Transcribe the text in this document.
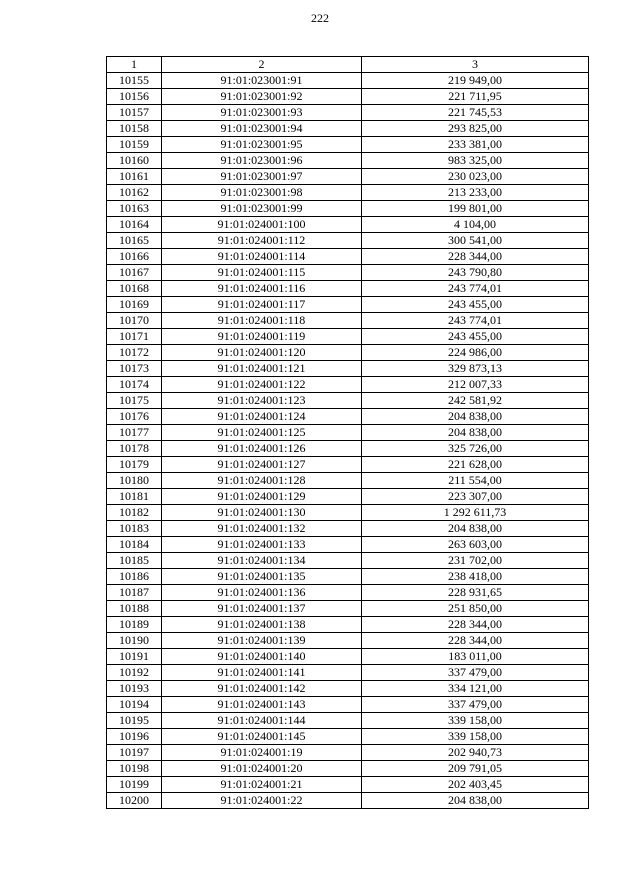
222
1	2	3
10155	91:01:023001:91	219 949,00
10156	91:01:023001:92	221 711,95
10157	91:01:023001:93	221 745,53
10158	91:01:023001:94	293 825,00
10159	91:01:023001:95	233 381,00
10160	91:01:023001:96	983 325,00
10161	91:01:023001:97	230 023,00
10162	91:01:023001:98	213 233,00
10163	91:01:023001:99	199 801,00
10164	91:01:024001:100	4 104,00
10165	91:01:024001:112	300 541,00
10166	91:01:024001:114	228 344,00
10167	91:01:024001:115	243 790,80
10168	91:01:024001:116	243 774,01
10169	91:01:024001:117	243 455,00
10170	91:01:024001:118	243 774,01
10171	91:01:024001:119	243 455,00
10172	91:01:024001:120	224 986,00
10173	91:01:024001:121	329 873,13
10174	91:01:024001:122	212 007,33
10175	91:01:024001:123	242 581,92
10176	91:01:024001:124	204 838,00
10177	91:01:024001:125	204 838,00
10178	91:01:024001:126	325 726,00
10179	91:01:024001:127	221 628,00
10180	91:01:024001:128	211 554,00
10181	91:01:024001:129	223 307,00
10182	91:01:024001:130	1 292 611,73
10183	91:01:024001:132	204 838,00
10184	91:01:024001:133	263 603,00
10185	91:01:024001:134	231 702,00
10186	91:01:024001:135	238 418,00
10187	91:01:024001:136	228 931,65
10188	91:01:024001:137	251 850,00
10189	91:01:024001:138	228 344,00
10190	91:01:024001:139	228 344,00
10191	91:01:024001:140	183 011,00
10192	91:01:024001:141	337 479,00
10193	91:01:024001:142	334 121,00
10194	91:01:024001:143	337 479,00
10195	91:01:024001:144	339 158,00
10196	91:01:024001:145	339 158,00
10197	91:01:024001:19	202 940,73
10198	91:01:024001:20	209 791,05
10199	91:01:024001:21	202 403,45
10200	91:01:024001:22	204 838,00
